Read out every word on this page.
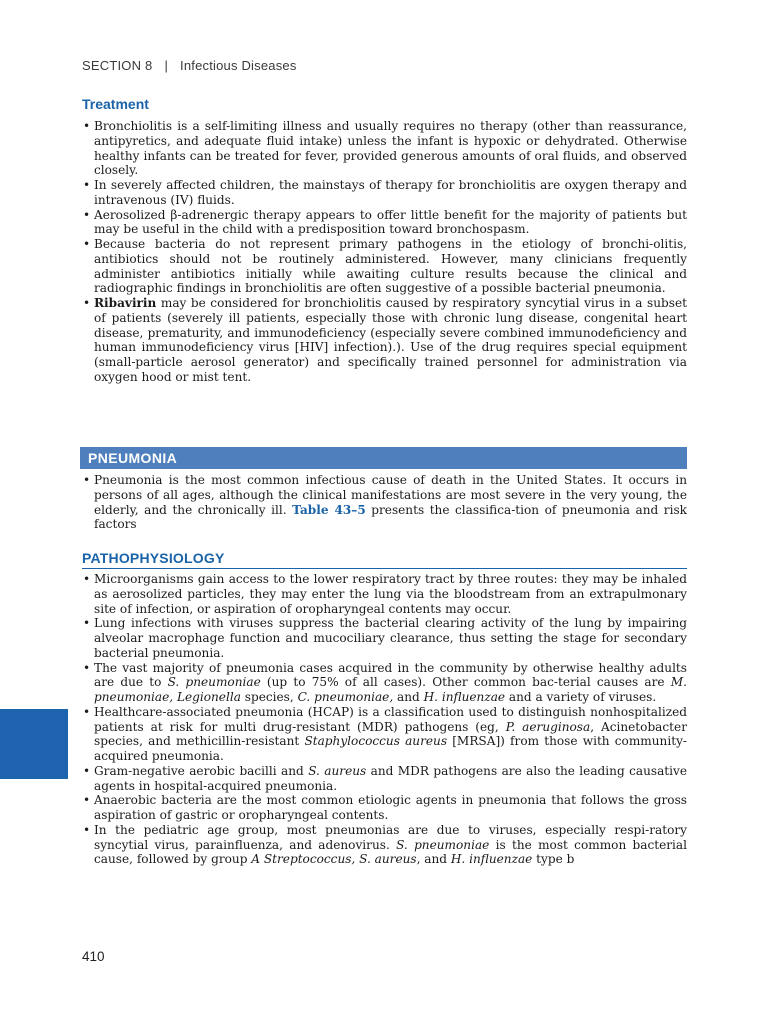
SECTION 8 | Infectious Diseases
Treatment
• Bronchiolitis is a self-limiting illness and usually requires no therapy (other than reassurance, antipyretics, and adequate fluid intake) unless the infant is hypoxic or dehydrated. Otherwise healthy infants can be treated for fever, provided generous amounts of oral fluids, and observed closely.
• In severely affected children, the mainstays of therapy for bronchiolitis are oxygen therapy and intravenous (IV) fluids.
• Aerosolized β-adrenergic therapy appears to offer little benefit for the majority of patients but may be useful in the child with a predisposition toward bronchospasm.
• Because bacteria do not represent primary pathogens in the etiology of bronchi-olitis, antibiotics should not be routinely administered. However, many clinicians frequently administer antibiotics initially while awaiting culture results because the clinical and radiographic findings in bronchiolitis are often suggestive of a possible bacterial pneumonia.
• Ribavirin may be considered for bronchiolitis caused by respiratory syncytial virus in a subset of patients (severely ill patients, especially those with chronic lung disease, congenital heart disease, prematurity, and immunodeficiency (especially severe combined immunodeficiency and human immunodeficiency virus [HIV] infection).). Use of the drug requires special equipment (small-particle aerosol generator) and specifically trained personnel for administration via oxygen hood or mist tent.
PNEUMONIA
• Pneumonia is the most common infectious cause of death in the United States. It occurs in persons of all ages, although the clinical manifestations are most severe in the very young, the elderly, and the chronically ill. Table 43–5 presents the classifica-tion of pneumonia and risk factors
PATHOPHYSIOLOGY
• Microorganisms gain access to the lower respiratory tract by three routes: they may be inhaled as aerosolized particles, they may enter the lung via the bloodstream from an extrapulmonary site of infection, or aspiration of oropharyngeal contents may occur.
• Lung infections with viruses suppress the bacterial clearing activity of the lung by impairing alveolar macrophage function and mucociliary clearance, thus setting the stage for secondary bacterial pneumonia.
• The vast majority of pneumonia cases acquired in the community by otherwise healthy adults are due to S. pneumoniae (up to 75% of all cases). Other common bac-terial causes are M. pneumoniae, Legionella species, C. pneumoniae, and H. influenzae and a variety of viruses.
• Healthcare-associated pneumonia (HCAP) is a classification used to distinguish nonhospitalized patients at risk for multi drug-resistant (MDR) pathogens (eg, P. aeruginosa, Acinetobacter species, and methicillin-resistant Staphylococcus aureus [MRSA]) from those with community-acquired pneumonia.
• Gram-negative aerobic bacilli and S. aureus and MDR pathogens are also the leading causative agents in hospital-acquired pneumonia.
• Anaerobic bacteria are the most common etiologic agents in pneumonia that follows the gross aspiration of gastric or oropharyngeal contents.
• In the pediatric age group, most pneumonias are due to viruses, especially respi-ratory syncytial virus, parainfluenza, and adenovirus. S. pneumoniae is the most common bacterial cause, followed by group A Streptococcus, S. aureus, and H. influenzae type b
410
